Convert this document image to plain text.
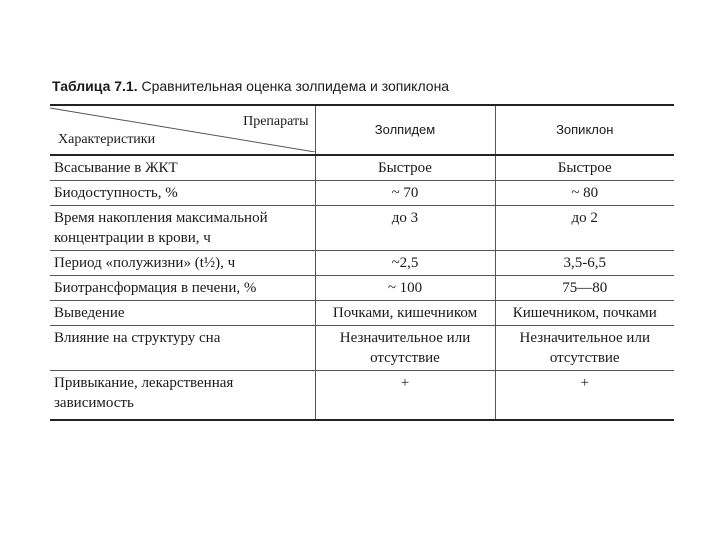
Таблица 7.1. Сравнительная оценка золпидема и зопиклона
Препараты
Характеристики	Золпидем	Зопиклон
Всасывание в ЖКТ	Быстрое	Быстрое
Биодоступность, %	~ 70	~ 80
Время накопления максимальной концентрации в крови, ч	до 3	до 2
Период «полужизни» (t½), ч	~2,5	3,5-6,5
Биотрансформация в печени, %	~ 100	75—80
Выведение	Почками, кишечником	Кишечником, почками
Влияние на структуру сна	Незначительное или отсутствие	Незначительное или отсутствие
Привыкание, лекарственная зависимость	+	+
